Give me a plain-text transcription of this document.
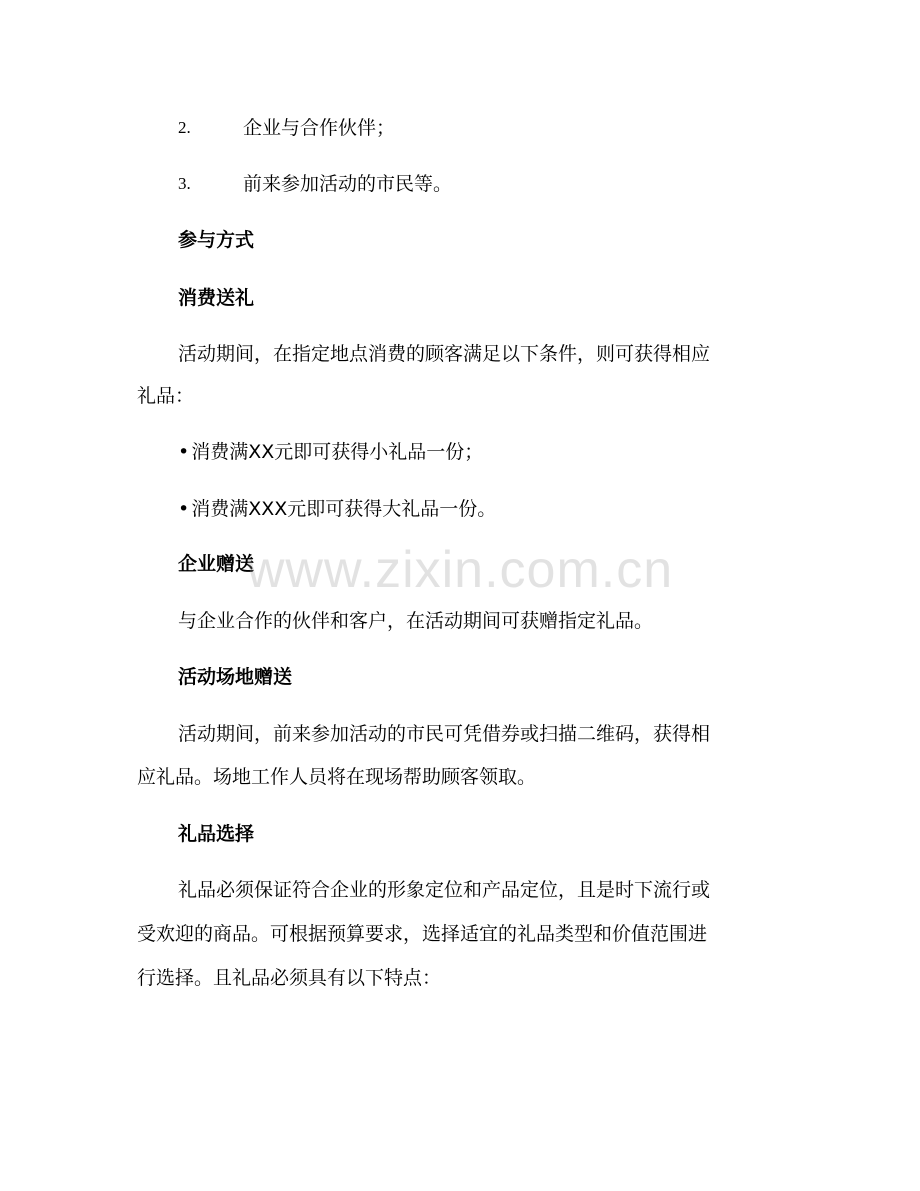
2.	企业与合作伙伴；
3.	前来参加活动的市民等。
参与方式
消费送礼
活动期间，在指定地点消费的顾客满足以下条件，则可获得相应
礼品：
• 消费满XX元即可获得小礼品一份；
• 消费满XXX元即可获得大礼品一份。
企业赠送
与企业合作的伙伴和客户，在活动期间可获赠指定礼品。
活动场地赠送
活动期间，前来参加活动的市民可凭借券或扫描二维码，获得相
应礼品。场地工作人员将在现场帮助顾客领取。
礼品选择
礼品必须保证符合企业的形象定位和产品定位，且是时下流行或
受欢迎的商品。可根据预算要求，选择适宜的礼品类型和价值范围进
行选择。且礼品必须具有以下特点：
www.zixin.com.cn
